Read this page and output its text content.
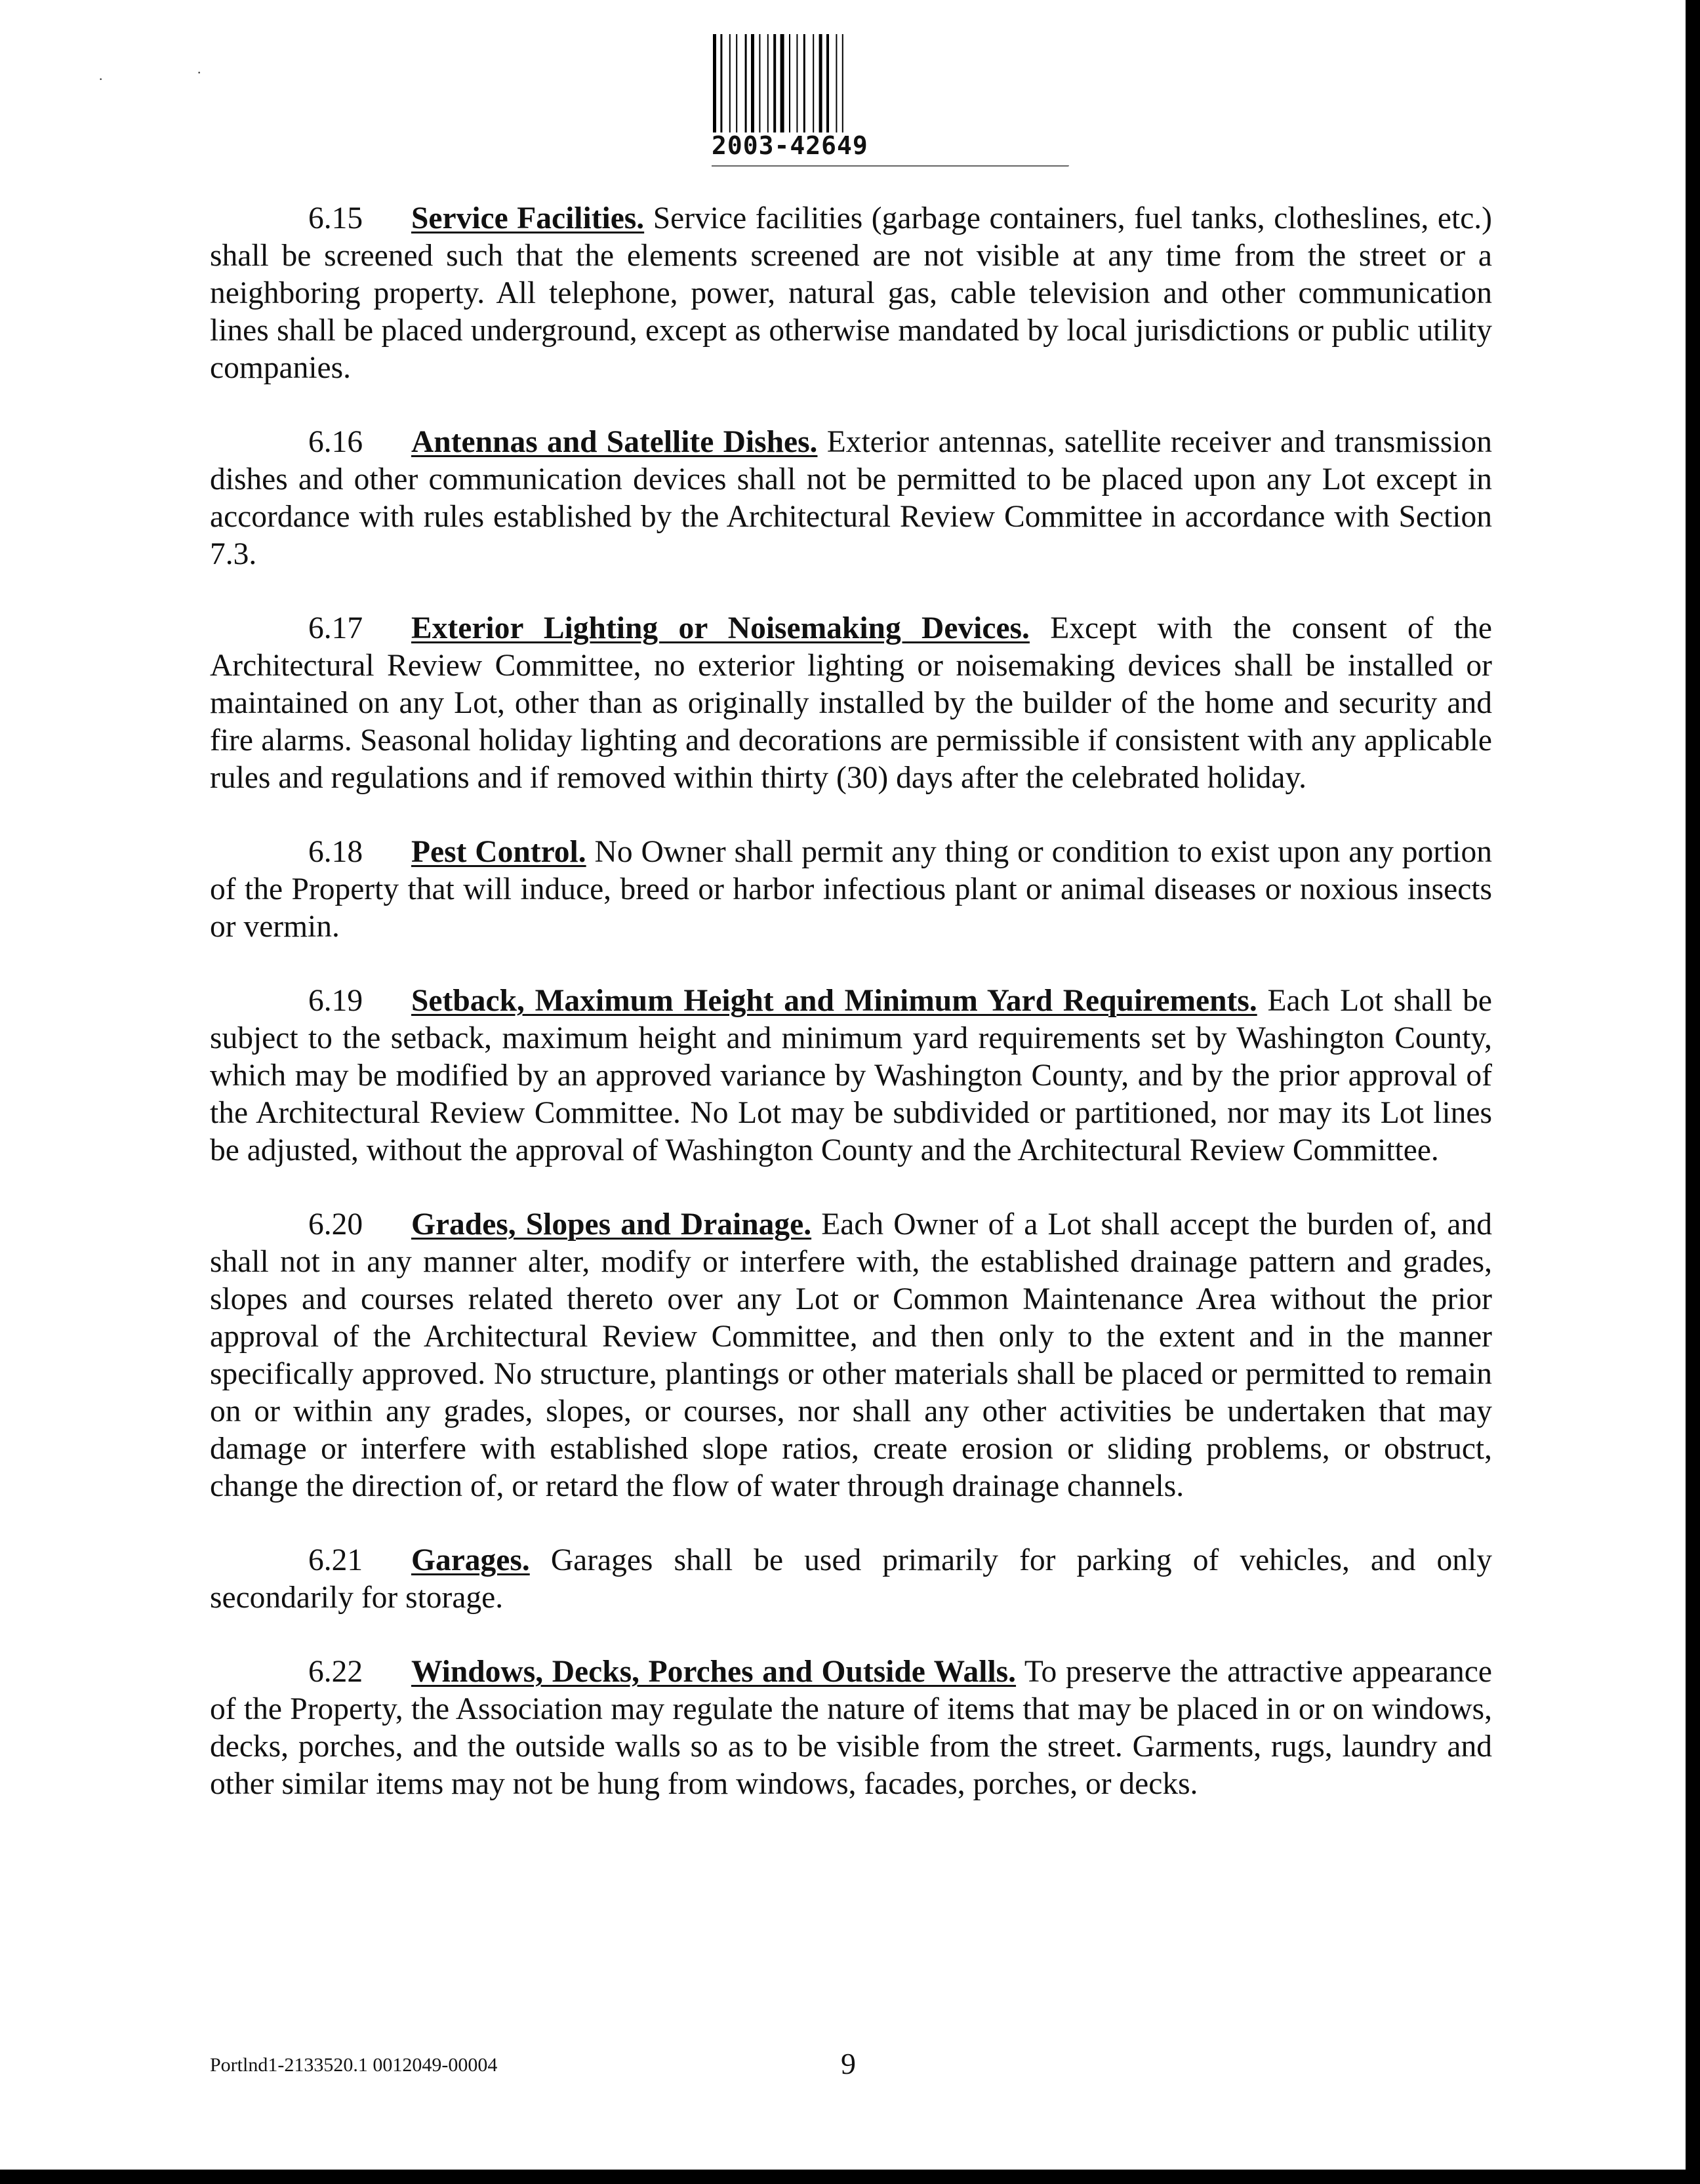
·	·
2003-42649

6.15 Service Facilities. Service facilities (garbage containers, fuel tanks, clotheslines, etc.) shall be screened such that the elements screened are not visible at any time from the street or a neighboring property. All telephone, power, natural gas, cable television and other communication lines shall be placed underground, except as otherwise mandated by local jurisdictions or public utility companies.

6.16 Antennas and Satellite Dishes. Exterior antennas, satellite receiver and transmission dishes and other communication devices shall not be permitted to be placed upon any Lot except in accordance with rules established by the Architectural Review Committee in accordance with Section 7.3.

6.17 Exterior Lighting or Noisemaking Devices. Except with the consent of the Architectural Review Committee, no exterior lighting or noisemaking devices shall be installed or maintained on any Lot, other than as originally installed by the builder of the home and security and fire alarms. Seasonal holiday lighting and decorations are permissible if consistent with any applicable rules and regulations and if removed within thirty (30) days after the celebrated holiday.

6.18 Pest Control. No Owner shall permit any thing or condition to exist upon any portion of the Property that will induce, breed or harbor infectious plant or animal diseases or noxious insects or vermin.

6.19 Setback, Maximum Height and Minimum Yard Requirements. Each Lot shall be subject to the setback, maximum height and minimum yard requirements set by Washington County, which may be modified by an approved variance by Washington County, and by the prior approval of the Architectural Review Committee. No Lot may be subdivided or partitioned, nor may its Lot lines be adjusted, without the approval of Washington County and the Architectural Review Committee.

6.20 Grades, Slopes and Drainage. Each Owner of a Lot shall accept the burden of, and shall not in any manner alter, modify or interfere with, the established drainage pattern and grades, slopes and courses related thereto over any Lot or Common Maintenance Area without the prior approval of the Architectural Review Committee, and then only to the extent and in the manner specifically approved. No structure, plantings or other materials shall be placed or permitted to remain on or within any grades, slopes, or courses, nor shall any other activities be undertaken that may damage or interfere with established slope ratios, create erosion or sliding problems, or obstruct, change the direction of, or retard the flow of water through drainage channels.

6.21 Garages. Garages shall be used primarily for parking of vehicles, and only secondarily for storage.

6.22 Windows, Decks, Porches and Outside Walls. To preserve the attractive appearance of the Property, the Association may regulate the nature of items that may be placed in or on windows, decks, porches, and the outside walls so as to be visible from the street. Garments, rugs, laundry and other similar items may not be hung from windows, facades, porches, or decks.

Portlnd1-2133520.1 0012049-00004	9
